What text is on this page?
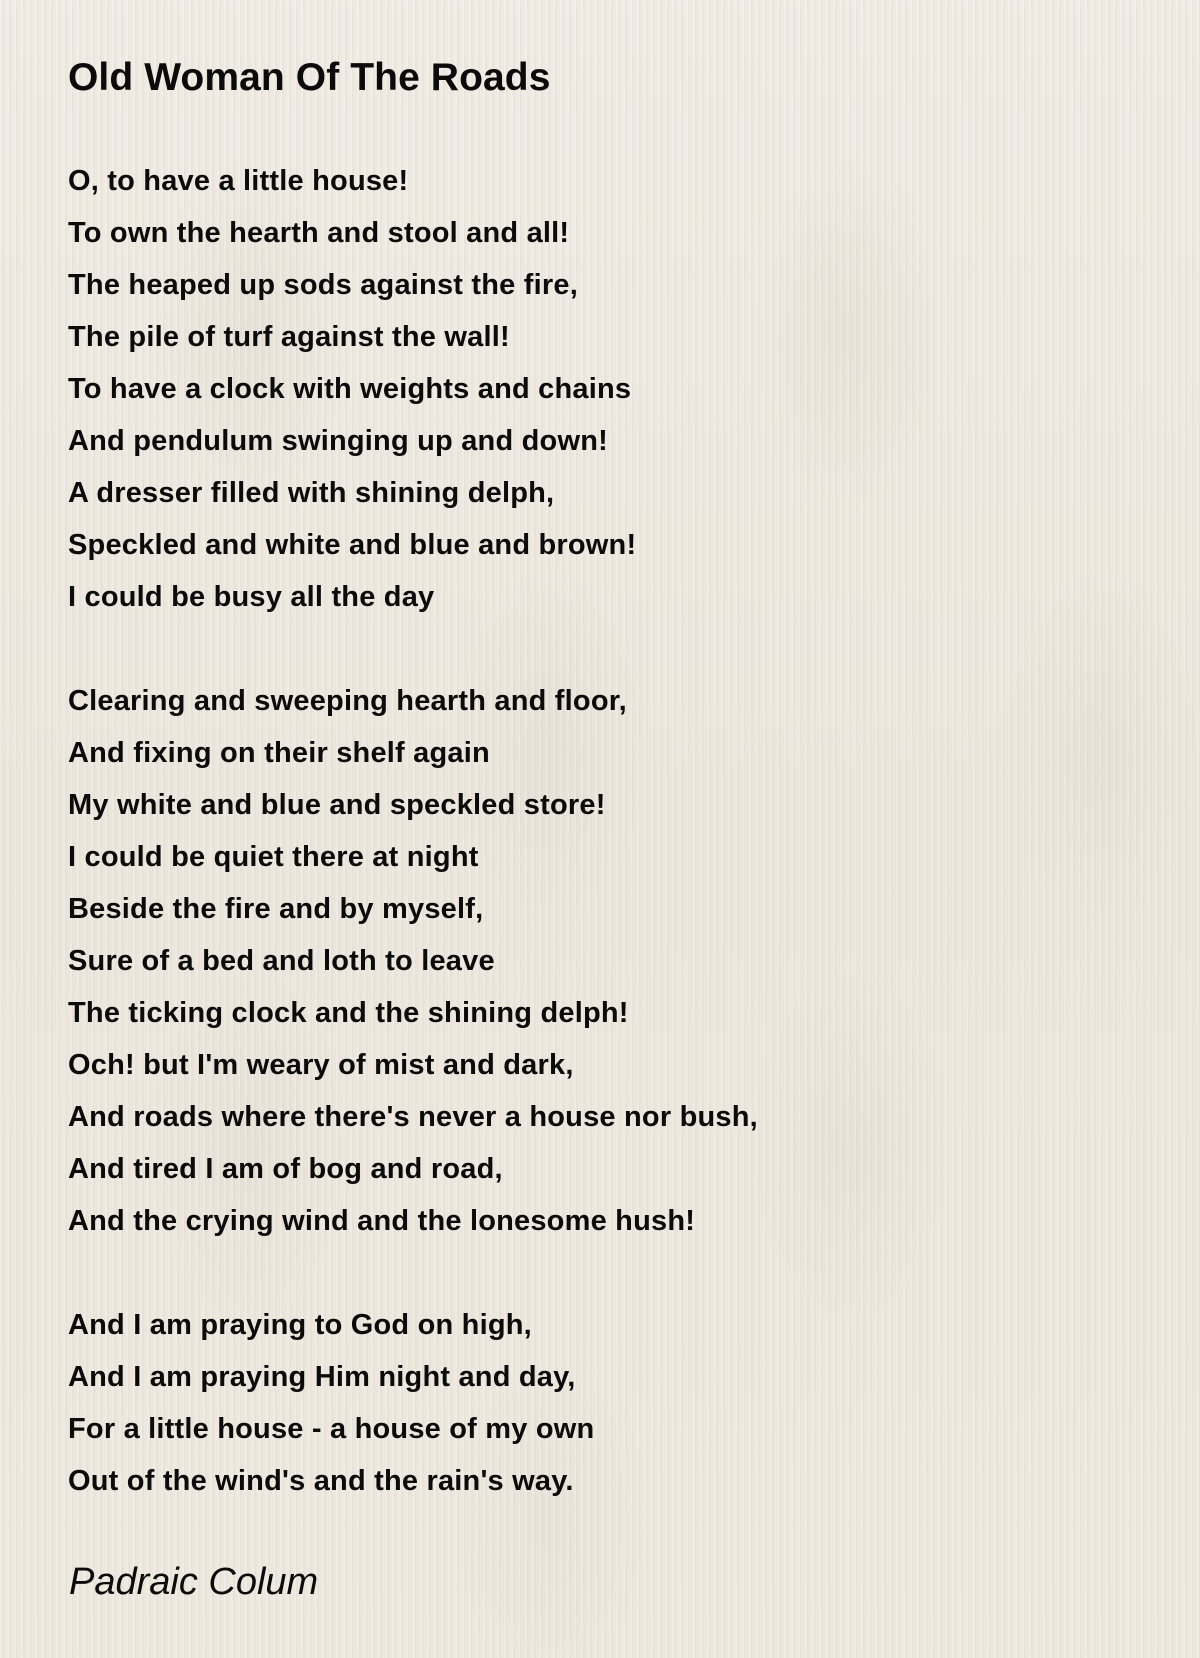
Old Woman Of The Roads
O, to have a little house!
To own the hearth and stool and all!
The heaped up sods against the fire,
The pile of turf against the wall!
To have a clock with weights and chains
And pendulum swinging up and down!
A dresser filled with shining delph,
Speckled and white and blue and brown!
I could be busy all the day
Clearing and sweeping hearth and floor,
And fixing on their shelf again
My white and blue and speckled store!
I could be quiet there at night
Beside the fire and by myself,
Sure of a bed and loth to leave
The ticking clock and the shining delph!
Och! but I'm weary of mist and dark,
And roads where there's never a house nor bush,
And tired I am of bog and road,
And the crying wind and the lonesome hush!
And I am praying to God on high,
And I am praying Him night and day,
For a little house - a house of my own
Out of the wind's and the rain's way.
Padraic Colum
